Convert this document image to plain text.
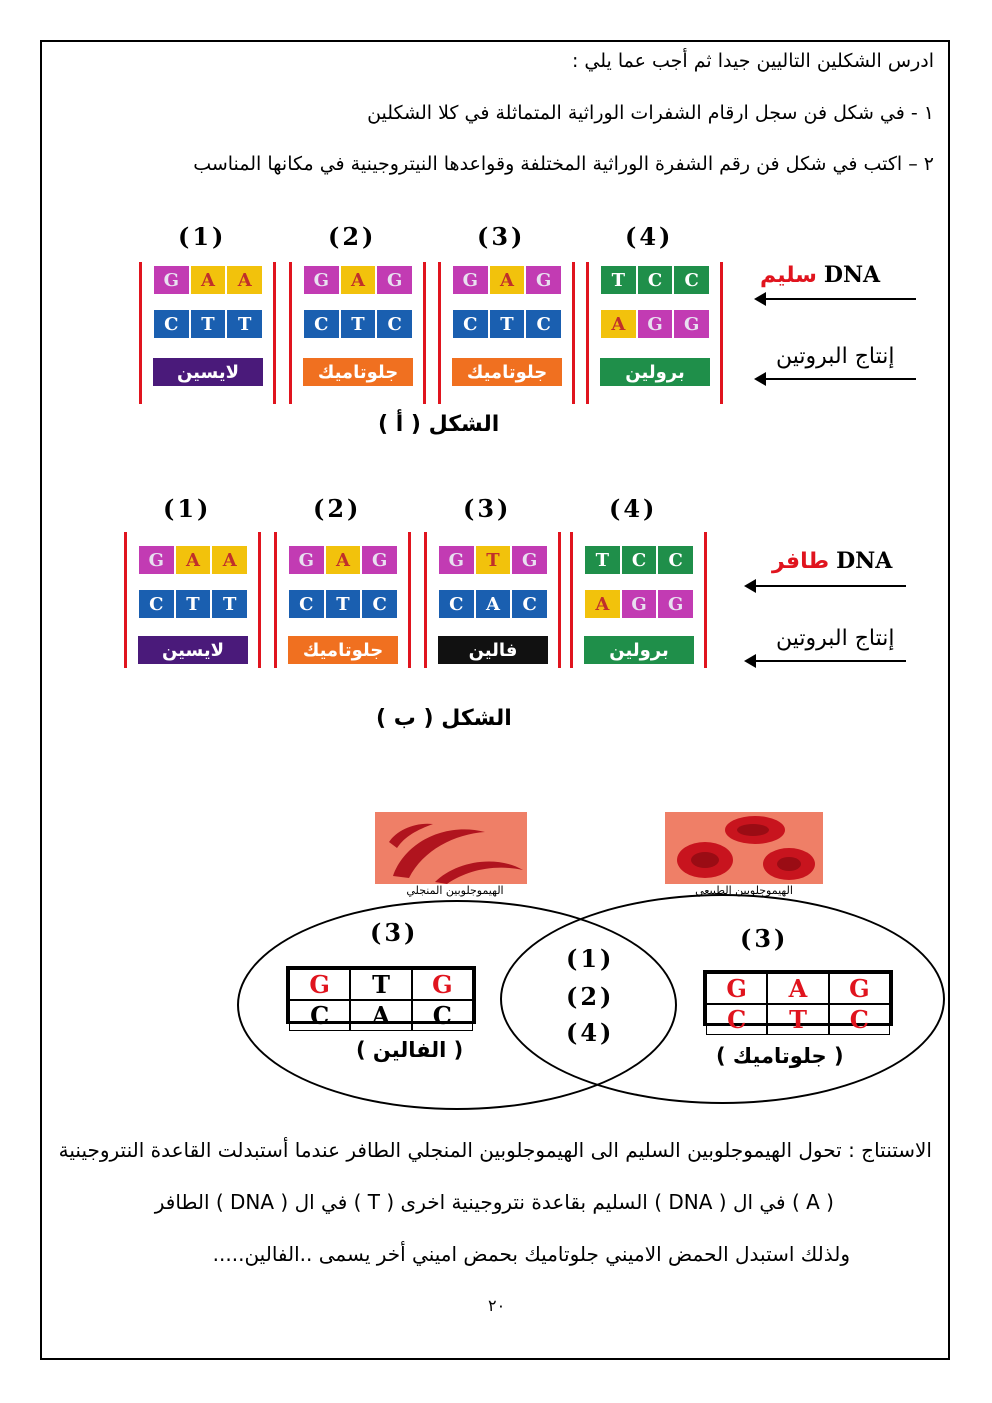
ادرس الشكلين التاليين جيدا ثم أجب عما يلي :
١ - في شكل فن سجل ارقام الشفرات الوراثية المتماثلة في كلا الشكلين
٢ – اكتب في شكل فن رقم الشفرة الوراثية المختلفة وقواعدها النيتروجينية في مكانها المناسب
(4)
T	C	C
A	G	G
برولين
(3)
G	A	G
C	T	C
جلوتاميك
(2)
G	A	G
C	T	C
جلوتاميك
(1)
G	A	A
C	T	T
لايسين
DNA سليم
إنتاج البروتين
الشكل ( أ )
(4)
T	C	C
A	G	G
برولين
(3)
G	T	G
C	A	C
فالين
(2)
G	A	G
C	T	C
جلوتاميك
(1)
G	A	A
C	T	T
لايسين
DNA طافر
إنتاج البروتين
الشكل ( ب )
الهيموجلوبين المنجلي	الهيموجلوبين الطبيعي
(3)	(3)
(1)
(2)
(4)
G	T	G
C	A	C
G	A	G
C	T	C
( الفالين )	( جلوتاميك )
الاستنتاج : تحول الهيموجلوبين السليم الى الهيموجلوبين المنجلي الطافر عندما أستبدلت القاعدة النتروجينية
( A ) في ال ( DNA ) السليم بقاعدة نتروجينية اخرى ( T ) في ال ( DNA ) الطافر
ولذلك استبدل الحمض الاميني جلوتاميك بحمض اميني أخر يسمى ..الفالين.....
٢٠
